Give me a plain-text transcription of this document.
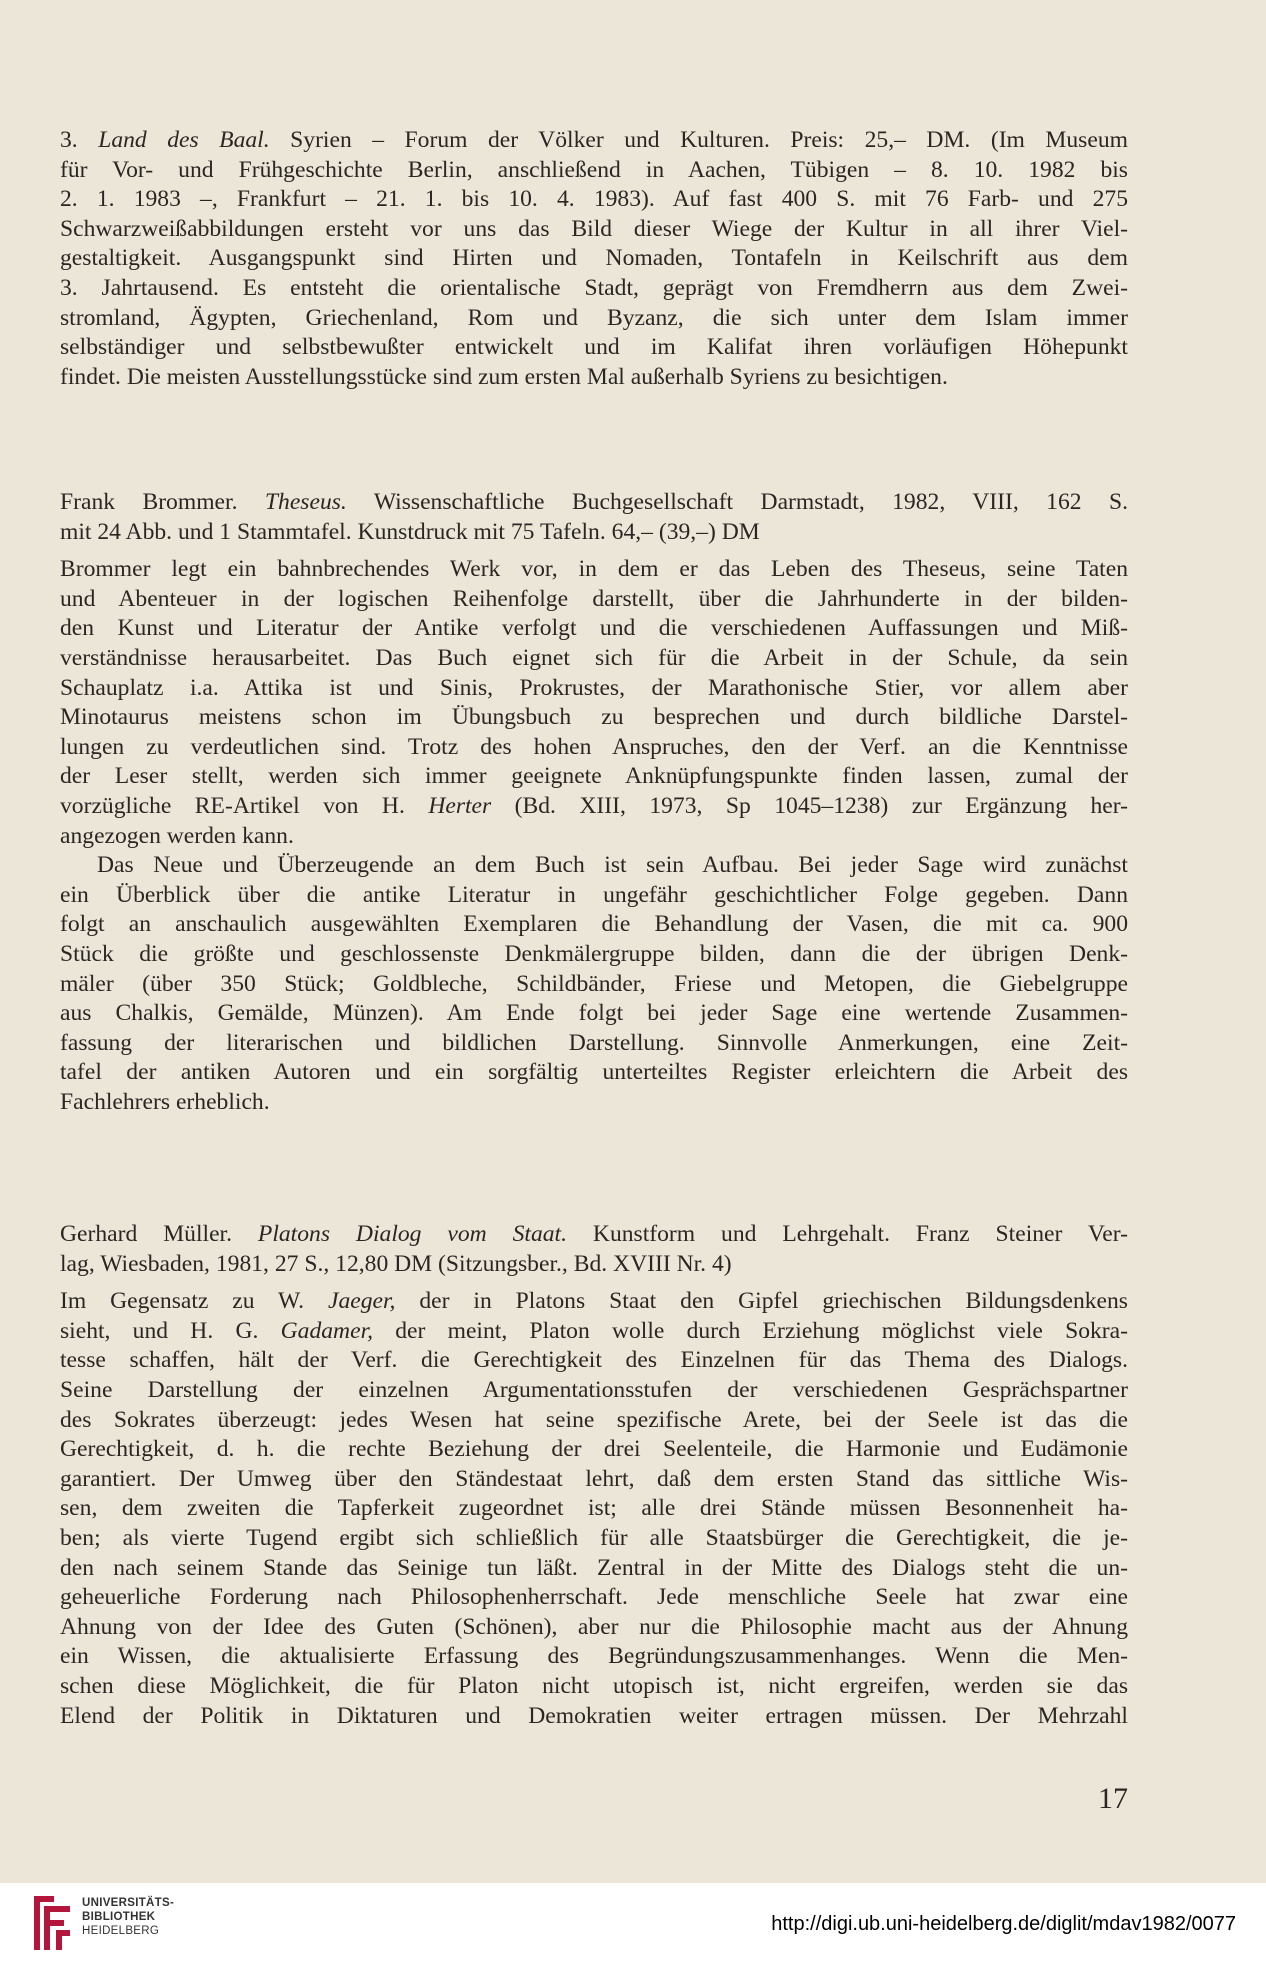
3. Land des Baal. Syrien – Forum der Völker und Kulturen. Preis: 25,– DM. (Im Museum
für Vor- und Frühgeschichte Berlin, anschließend in Aachen, Tübigen – 8. 10. 1982 bis
2. 1. 1983 –, Frankfurt – 21. 1. bis 10. 4. 1983). Auf fast 400 S. mit 76 Farb- und 275
Schwarzweißabbildungen ersteht vor uns das Bild dieser Wiege der Kultur in all ihrer Viel-
gestaltigkeit. Ausgangspunkt sind Hirten und Nomaden, Tontafeln in Keilschrift aus dem
3. Jahrtausend. Es entsteht die orientalische Stadt, geprägt von Fremdherrn aus dem Zwei-
stromland, Ägypten, Griechenland, Rom und Byzanz, die sich unter dem Islam immer
selbständiger und selbstbewußter entwickelt und im Kalifat ihren vorläufigen Höhepunkt
findet. Die meisten Ausstellungsstücke sind zum ersten Mal außerhalb Syriens zu besichtigen.

Frank Brommer. Theseus. Wissenschaftliche Buchgesellschaft Darmstadt, 1982, VIII, 162 S.
mit 24 Abb. und 1 Stammtafel. Kunstdruck mit 75 Tafeln. 64,– (39,–) DM

Brommer legt ein bahnbrechendes Werk vor, in dem er das Leben des Theseus, seine Taten
und Abenteuer in der logischen Reihenfolge darstellt, über die Jahrhunderte in der bilden-
den Kunst und Literatur der Antike verfolgt und die verschiedenen Auffassungen und Miß-
verständnisse herausarbeitet. Das Buch eignet sich für die Arbeit in der Schule, da sein
Schauplatz i.a. Attika ist und Sinis, Prokrustes, der Marathonische Stier, vor allem aber
Minotaurus meistens schon im Übungsbuch zu besprechen und durch bildliche Darstel-
lungen zu verdeutlichen sind. Trotz des hohen Anspruches, den der Verf. an die Kenntnisse
der Leser stellt, werden sich immer geeignete Anknüpfungspunkte finden lassen, zumal der
vorzügliche RE-Artikel von H. Herter (Bd. XIII, 1973, Sp 1045–1238) zur Ergänzung her-
angezogen werden kann.

Das Neue und Überzeugende an dem Buch ist sein Aufbau. Bei jeder Sage wird zunächst
ein Überblick über die antike Literatur in ungefähr geschichtlicher Folge gegeben. Dann
folgt an anschaulich ausgewählten Exemplaren die Behandlung der Vasen, die mit ca. 900
Stück die größte und geschlossenste Denkmälergruppe bilden, dann die der übrigen Denk-
mäler (über 350 Stück; Goldbleche, Schildbänder, Friese und Metopen, die Giebelgruppe
aus Chalkis, Gemälde, Münzen). Am Ende folgt bei jeder Sage eine wertende Zusammen-
fassung der literarischen und bildlichen Darstellung. Sinnvolle Anmerkungen, eine Zeit-
tafel der antiken Autoren und ein sorgfältig unterteiltes Register erleichtern die Arbeit des
Fachlehrers erheblich.

Gerhard Müller. Platons Dialog vom Staat. Kunstform und Lehrgehalt. Franz Steiner Ver-
lag, Wiesbaden, 1981, 27 S., 12,80 DM (Sitzungsber., Bd. XVIII Nr. 4)

Im Gegensatz zu W. Jaeger, der in Platons Staat den Gipfel griechischen Bildungsdenkens
sieht, und H. G. Gadamer, der meint, Platon wolle durch Erziehung möglichst viele Sokra-
tesse schaffen, hält der Verf. die Gerechtigkeit des Einzelnen für das Thema des Dialogs.
Seine Darstellung der einzelnen Argumentationsstufen der verschiedenen Gesprächspartner
des Sokrates überzeugt: jedes Wesen hat seine spezifische Arete, bei der Seele ist das die
Gerechtigkeit, d. h. die rechte Beziehung der drei Seelenteile, die Harmonie und Eudämonie
garantiert. Der Umweg über den Ständestaat lehrt, daß dem ersten Stand das sittliche Wis-
sen, dem zweiten die Tapferkeit zugeordnet ist; alle drei Stände müssen Besonnenheit ha-
ben; als vierte Tugend ergibt sich schließlich für alle Staatsbürger die Gerechtigkeit, die je-
den nach seinem Stande das Seinige tun läßt. Zentral in der Mitte des Dialogs steht die un-
geheuerliche Forderung nach Philosophenherrschaft. Jede menschliche Seele hat zwar eine
Ahnung von der Idee des Guten (Schönen), aber nur die Philosophie macht aus der Ahnung
ein Wissen, die aktualisierte Erfassung des Begründungszusammenhanges. Wenn die Men-
schen diese Möglichkeit, die für Platon nicht utopisch ist, nicht ergreifen, werden sie das
Elend der Politik in Diktaturen und Demokratien weiter ertragen müssen. Der Mehrzahl

17
UNIVERSITÄTS-
BIBLIOTHEK
HEIDELBERG	http://digi.ub.uni-heidelberg.de/diglit/mdav1982/0077
